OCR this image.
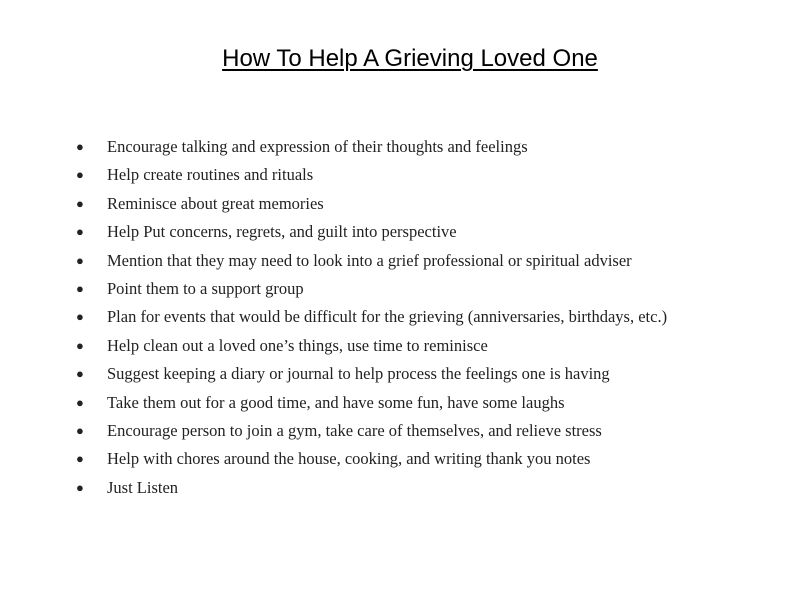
How To Help A Grieving Loved One
● Encourage talking and expression of their thoughts and feelings
● Help create routines and rituals
● Reminisce about great memories
● Help Put concerns, regrets, and guilt into perspective
● Mention that they may need to look into a grief professional or spiritual adviser
● Point them to a support group
● Plan for events that would be difficult for the grieving (anniversaries, birthdays, etc.)
● Help clean out a loved one’s things, use time to reminisce
● Suggest keeping a diary or journal to help process the feelings one is having
● Take them out for a good time, and have some fun, have some laughs
● Encourage person to join a gym, take care of themselves, and relieve stress
● Help with chores around the house, cooking, and writing thank you notes
● Just Listen
